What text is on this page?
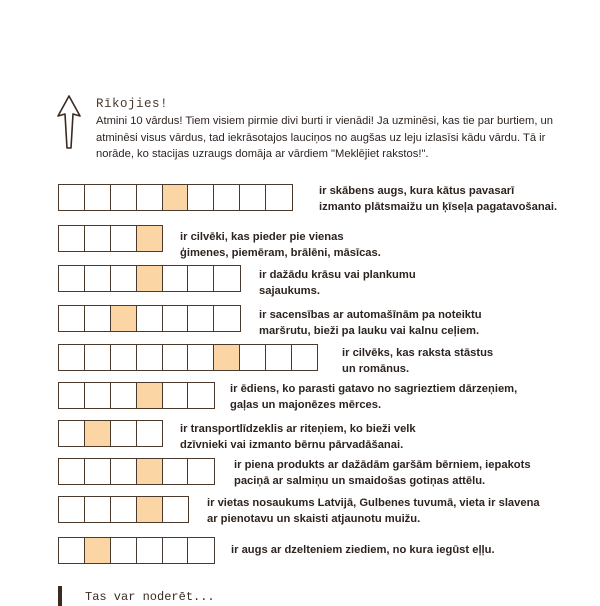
Rīkojies!
Atmini 10 vārdus! Tiem visiem pirmie divi burti ir vienādi! Ja uzminēsi, kas tie par burtiem, un atminēsi visus vārdus, tad iekrāsotajos lauciņos no augšas uz leju izlasīsi kādu vārdu. Tā ir norāde, ko stacijas uzraugs domāja ar vārdiem "Meklējiet rakstos!".
ir skābens augs, kura kātus pavasarī izmanto plātsmaižu un ķīseļa pagatavošanai.
ir cilvēki, kas pieder pie vienas ģimenes, piemēram, brālēni, māsīcas.
ir dažādu krāsu vai plankumu sajaukums.
ir sacensības ar automašīnām pa noteiktu maršrutu, bieži pa lauku vai kalnu ceļiem.
ir cilvēks, kas raksta stāstus un romānus.
ir ēdiens, ko parasti gatavo no sagrieztiem dārzeņiem, gaļas un majonēzes mērces.
ir transportlīdzeklis ar riteņiem, ko bieži velk dzīvnieki vai izmanto bērnu pārvadāšanai.
ir piena produkts ar dažādām garšām bērniem, iepakots paciņā ar salmiņu un smaidošas gotiņas attēlu.
ir vietas nosaukums Latvijā, Gulbenes tuvumā, vieta ir slavena ar pienotavu un skaisti atjaunotu muižu.
ir augs ar dzelteniem ziediem, no kura iegūst eļļu.
Tas var noderēt...
